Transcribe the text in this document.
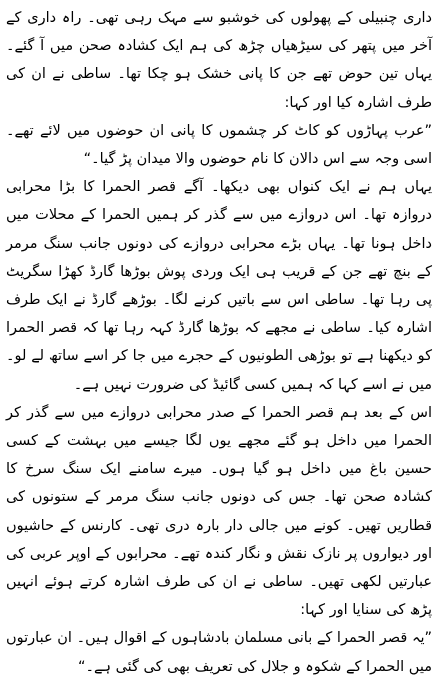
داری چنبیلی کے پھولوں کی خوشبو سے مہک رہی تھی۔ راہ داری کے آخر میں پتھر کی سیڑھیاں چڑھ کی ہم ایک کشادہ صحن میں آ گئے۔ یہاں تین حوض تھے جن کا پانی خشک ہو چکا تھا۔ ساطی نے ان کی طرف اشارہ کیا اور کہا:

”عرب پہاڑوں کو کاٹ کر چشموں کا پانی ان حوضوں میں لائے تھے۔ اسی وجہ سے اس دالان کا نام حوضوں والا میدان پڑ گیا۔“

یہاں ہم نے ایک کنواں بھی دیکھا۔ آگے قصر الحمرا کا بڑا محرابی دروازہ تھا۔ اس دروازے میں سے گذر کر ہمیں الحمرا کے محلات میں داخل ہونا تھا۔ یہاں بڑے محرابی دروازے کی دونوں جانب سنگ مرمر کے بنچ تھے جن کے قریب ہی ایک وردی پوش بوڑھا گارڈ کھڑا سگریٹ پی رہا تھا۔ ساطی اس سے باتیں کرنے لگا۔ بوڑھے گارڈ نے ایک طرف اشارہ کیا۔ ساطی نے مجھے کہ بوڑھا گارڈ کہہ رہا تھا کہ قصر الحمرا کو دیکھنا ہے تو بوڑھی الطونیوں کے حجرے میں جا کر اسے ساتھ لے لو۔ میں نے اسے کہا کہ ہمیں کسی گائیڈ کی ضرورت نہیں ہے۔

اس کے بعد ہم قصر الحمرا کے صدر محرابی دروازے میں سے گذر کر الحمرا میں داخل ہو گئے مجھے یوں لگا جیسے میں بہشت کے کسی حسین باغ میں داخل ہو گیا ہوں۔ میرے سامنے ایک سنگ سرخ کا کشادہ صحن تھا۔ جس کی دونوں جانب سنگ مرمر کے ستونوں کی قطاریں تھیں۔ کونے میں جالی دار بارہ دری تھی۔ کارنس کے حاشیوں اور دیواروں پر نازک نقش و نگار کندہ تھے۔ محرابوں کے اوپر عربی کی عبارتیں لکھی تھیں۔ ساطی نے ان کی طرف اشارہ کرتے ہوئے انہیں پڑھ کی سنایا اور کہا:

”یہ قصر الحمرا کے بانی مسلمان بادشاہوں کے اقوال ہیں۔ ان عبارتوں میں الحمرا کے شکوہ و جلال کی تعریف بھی کی گئی ہے۔“
